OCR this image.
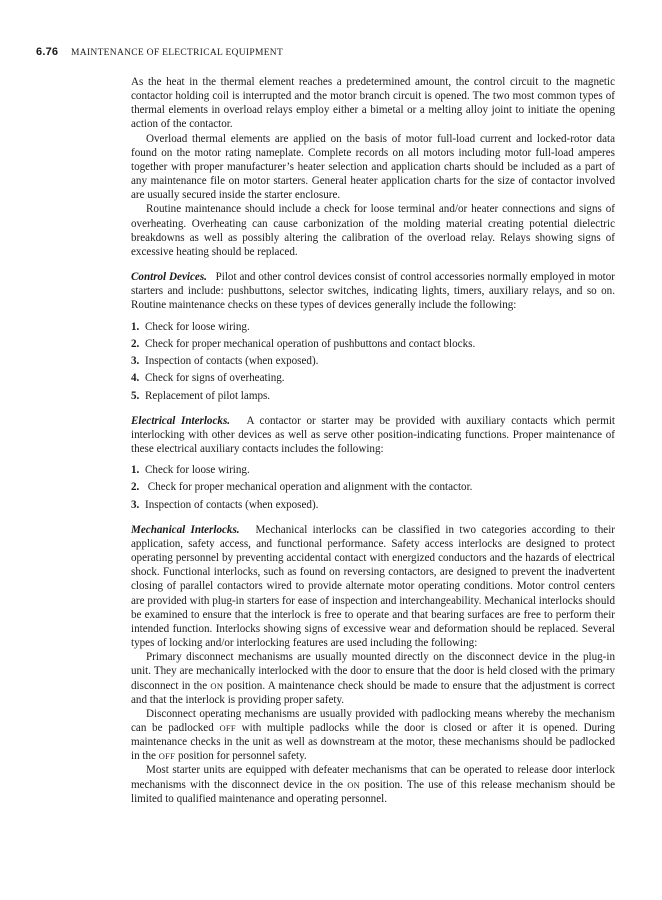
6.76 MAINTENANCE OF ELECTRICAL EQUIPMENT

As the heat in the thermal element reaches a predetermined amount, the control circuit to the magnetic contactor holding coil is interrupted and the motor branch circuit is opened. The two most common types of thermal elements in overload relays employ either a bimetal or a melting alloy joint to initiate the opening action of the contactor.

Overload thermal elements are applied on the basis of motor full-load current and locked-rotor data found on the motor rating nameplate. Complete records on all motors including motor full-load amperes together with proper manufacturer’s heater selection and application charts should be included as a part of any maintenance file on motor starters. General heater application charts for the size of contactor involved are usually secured inside the starter enclosure.

Routine maintenance should include a check for loose terminal and/or heater connections and signs of overheating. Overheating can cause carbonization of the molding material creating potential dielectric breakdowns as well as possibly altering the calibration of the overload relay. Relays showing signs of excessive heating should be replaced.

Control Devices. Pilot and other control devices consist of control accessories normally employed in motor starters and include: pushbuttons, selector switches, indicating lights, timers, auxiliary relays, and so on. Routine maintenance checks on these types of devices generally include the following:

1. Check for loose wiring.
2. Check for proper mechanical operation of pushbuttons and contact blocks.
3. Inspection of contacts (when exposed).
4. Check for signs of overheating.
5. Replacement of pilot lamps.

Electrical Interlocks. A contactor or starter may be provided with auxiliary contacts which permit interlocking with other devices as well as serve other position-indicating functions. Proper maintenance of these electrical auxiliary contacts includes the following:

1. Check for loose wiring.
2. Check for proper mechanical operation and alignment with the contactor.
3. Inspection of contacts (when exposed).

Mechanical Interlocks. Mechanical interlocks can be classified in two categories according to their application, safety access, and functional performance. Safety access interlocks are designed to protect operating personnel by preventing accidental contact with energized conductors and the hazards of electrical shock. Functional interlocks, such as found on reversing contactors, are designed to prevent the inadvertent closing of parallel contactors wired to provide alternate motor operating conditions. Motor control centers are provided with plug-in starters for ease of inspection and interchangeability. Mechanical interlocks should be examined to ensure that the interlock is free to operate and that bearing surfaces are free to perform their intended function. Interlocks showing signs of excessive wear and deformation should be replaced. Several types of locking and/or interlocking features are used including the following:

Primary disconnect mechanisms are usually mounted directly on the disconnect device in the plug-in unit. They are mechanically interlocked with the door to ensure that the door is held closed with the primary disconnect in the ON position. A maintenance check should be made to ensure that the adjustment is correct and that the interlock is providing proper safety.

Disconnect operating mechanisms are usually provided with padlocking means whereby the mechanism can be padlocked OFF with multiple padlocks while the door is closed or after it is opened. During maintenance checks in the unit as well as downstream at the motor, these mechanisms should be padlocked in the OFF position for personnel safety.

Most starter units are equipped with defeater mechanisms that can be operated to release door interlock mechanisms with the disconnect device in the ON position. The use of this release mechanism should be limited to qualified maintenance and operating personnel.
